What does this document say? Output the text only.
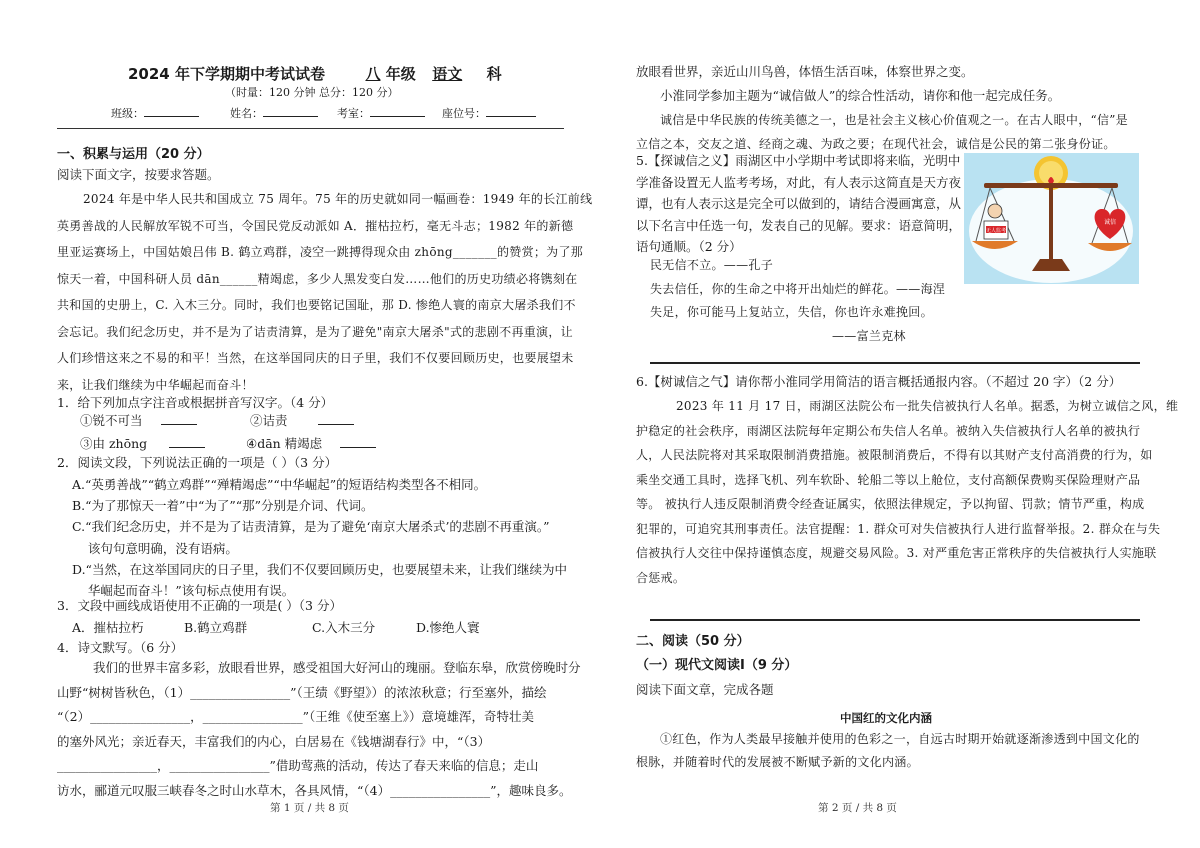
2024 年下学期期中考试试卷	八 年级 语文 科
（时量：120 分钟 总分：120 分）
班级：	姓名：	考室：	座位号：
一、积累与运用（20 分）
阅读下面文字，按要求答题。
2024 年是中华人民共和国成立 75 周年。75 年的历史就如同一幅画卷：1949 年的长江前线
英勇善战的人民解放军锐不可当，令国民党反动派如 A．摧枯拉朽，毫无斗志；1982 年的新德
里亚运赛场上，中国姑娘吕伟 B. 鹤立鸡群，凌空一跳搏得现众由 zhōng_______的赞赏；为了那
惊天一着，中国科研人员 dān______精竭虑，多少人黑发变白发……他们的历史功绩必将镌刻在
共和国的史册上，C. 入木三分。同时，我们也要铭记国耻，那 D. 惨绝人寰的南京大屠杀我们不
会忘记。我们纪念历史，并不是为了诘责清算，是为了避免"南京大屠杀"式的悲剧不再重演，让
人们珍惜这来之不易的和平！当然，在这举国同庆的日子里，我们不仅要回顾历史，也要展望未
来，让我们继续为中华崛起而奋斗！
1．给下列加点字注音或根据拼音写汉字。（4 分）
①锐不可当	②诘责
③由 zhōng	④dān 精竭虑
2．阅读文段，下列说法正确的一项是（ ）（3 分）
A.“英勇善战”“鹤立鸡群”“殚精竭虑”“中华崛起”的短语结构类型各不相同。
B.“为了那惊天一着”中“为了”“那”分别是介词、代词。
C.“我们纪念历史，并不是为了诘责清算，是为了避免‘南京大屠杀式’的悲剧不再重演。”
该句句意明确，没有语病。
D.“当然，在这举国同庆的日子里，我们不仅要回顾历史，也要展望未来，让我们继续为中
华崛起而奋斗！”该句标点使用有误。
3．文段中画线成语使用不正确的一项是( ）（3 分）
A．摧枯拉朽	B.鹤立鸡群	C.入木三分	D.惨绝人寰
4．诗文默写。（6 分）
我们的世界丰富多彩，放眼看世界，感受祖国大好河山的瑰丽。登临东皋，欣赏傍晚时分
山野“树树皆秋色，（1）________________”（王绩《野望》）的浓浓秋意；行至塞外，描绘
“（2）________________，________________”（王维《使至塞上》）意境雄浑，奇特壮美
的塞外风光；亲近春天，丰富我们的内心，白居易在《钱塘湖春行》中，“（3）
________________，________________”借助莺燕的活动，传达了春天来临的信息；走山
访水，郦道元叹服三峡春冬之时山水草木，各具风情，“（4）________________”，趣味良多。
第 1 页 / 共 8 页
放眼看世界，亲近山川鸟兽，体悟生活百味，体察世界之变。
小淮同学参加主题为“诚信做人”的综合性活动，请你和他一起完成任务。
诚信是中华民族的传统美德之一，也是社会主义核心价值观之一。在古人眼中，“信”是
立信之本，交友之道、经商之魂、为政之要；在现代社会，诚信是公民的第二张身份证。
5.【探诚信之义】雨湖区中小学期中考试即将来临，光明中
学准备设置无人监考考场，对此，有人表示这简直是天方夜
谭，也有人表示这是完全可以做到的，请结合漫画寓意，从
以下名言中任选一句，发表自己的见解。要求：语意简明，
语句通顺。（2 分）
无人监考
诚信
民无信不立。——孔子
失去信任，你的生命之中将开出灿烂的鲜花。——海涅
失足，你可能马上复站立，失信，你也许永难挽回。
——富兰克林
6.【树诚信之气】请你帮小淮同学用简洁的语言概括通报内容。（不超过 20 字）（2 分）
2023 年 11 月 17 日，雨湖区法院公布一批失信被执行人名单。据悉，为树立诚信之风，维
护稳定的社会秩序，雨湖区法院每年定期公布失信人名单。被纳入失信被执行人名单的被执行
人，人民法院将对其采取限制消费措施。被限制消费后，不得有以其财产支付高消费的行为，如
乘坐交通工具时，选择飞机、列车软卧、轮船二等以上舱位，支付高额保费购买保险理财产品
等。 被执行人违反限制消费令经查证属实，依照法律规定，予以拘留、罚款；情节严重，构成
犯罪的，可追究其刑事责任。法官提醒：1. 群众可对失信被执行人进行监督举报。2. 群众在与失
信被执行人交往中保持谨慎态度，规避交易风险。3. 对严重危害正常秩序的失信被执行人实施联
合惩戒。
二、阅读（50 分）
（一）现代文阅读Ⅰ（9 分）
阅读下面文章，完成各题
中国红的文化内涵
①红色，作为人类最早接触并使用的色彩之一，自远古时期开始就逐渐渗透到中国文化的
根脉，并随着时代的发展被不断赋予新的文化内涵。
第 2 页 / 共 8 页
